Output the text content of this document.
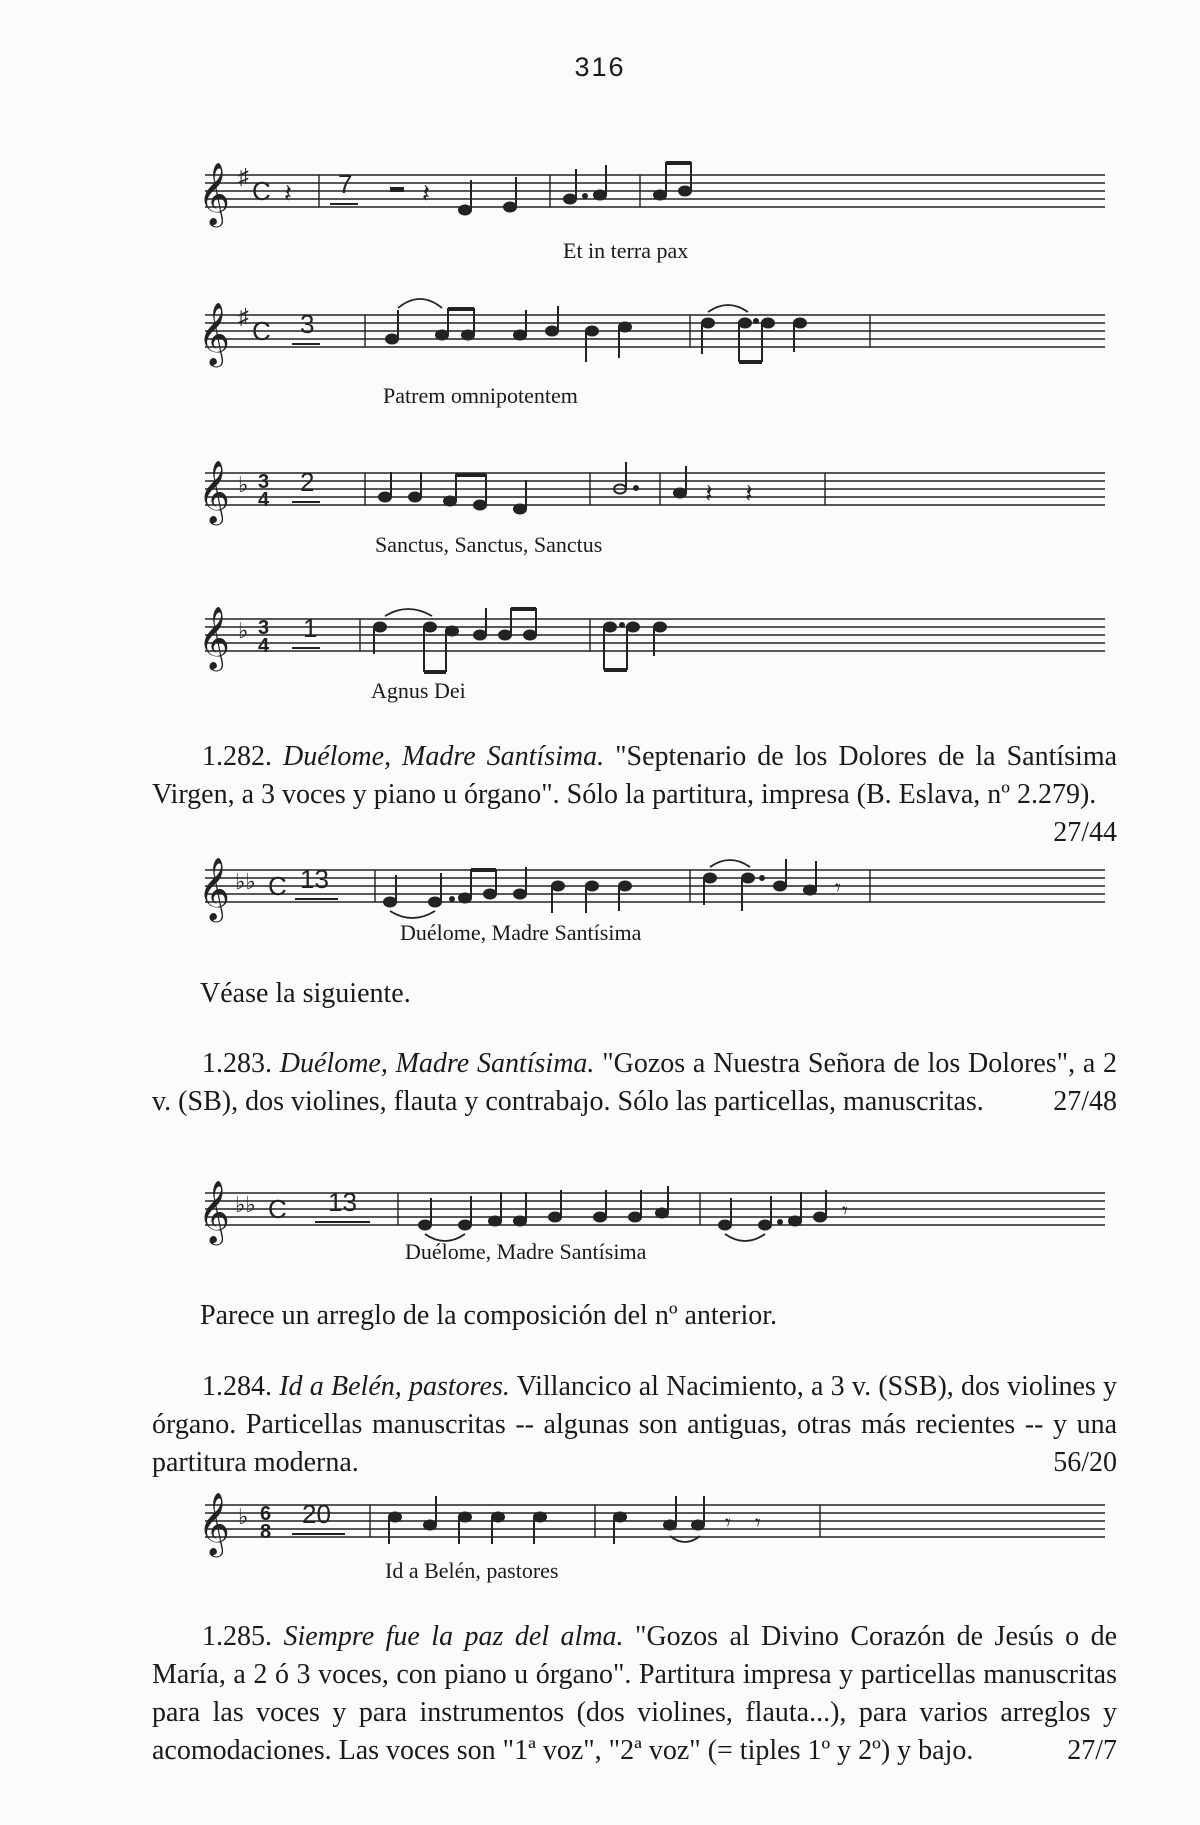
316
𝄞 ♯ C 𝄽 7	𝄽
Et in terra pax
𝄞 ♯ C 3
Patrem omnipotentem
𝄞 ♭ 3
4
2	𝄽 𝄽
Sanctus, Sanctus, Sanctus
𝄞 ♭ 3
4
1
Agnus Dei
1.282. Duélome, Madre Santísima. "Septenario de los Dolores de la Santísima Virgen, a 3 voces y piano u órgano". Sólo la partitura, impresa (B. Eslava, nº 2.279).
27/44
𝄞 ♭♭ C 13	𝄾
Duélome, Madre Santísima
Véase la siguiente.
1.283. Duélome, Madre Santísima. "Gozos a Nuestra Señora de los Dolores", a 2 v. (SB), dos violines, flauta y contrabajo. Sólo las particellas, manuscritas. 27/48
𝄞 ♭♭ C 13	𝄾
Duélome, Madre Santísima
Parece un arreglo de la composición del nº anterior.
1.284. Id a Belén, pastores. Villancico al Nacimiento, a 3 v. (SSB), dos violines y órgano. Particellas manuscritas -- algunas son antiguas, otras más recientes -- y una partitura moderna.	56/20
𝄞 ♭ 6
8
20	𝄾 𝄾
Id a Belén, pastores
1.285. Siempre fue la paz del alma. "Gozos al Divino Corazón de Jesús o de María, a 2 ó 3 voces, con piano u órgano". Partitura impresa y particellas manuscritas para las voces y para instrumentos (dos violines, flauta...), para varios arreglos y acomodaciones. Las voces son "1ª voz", "2ª voz" (= tiples 1º y 2º) y bajo.	27/7
